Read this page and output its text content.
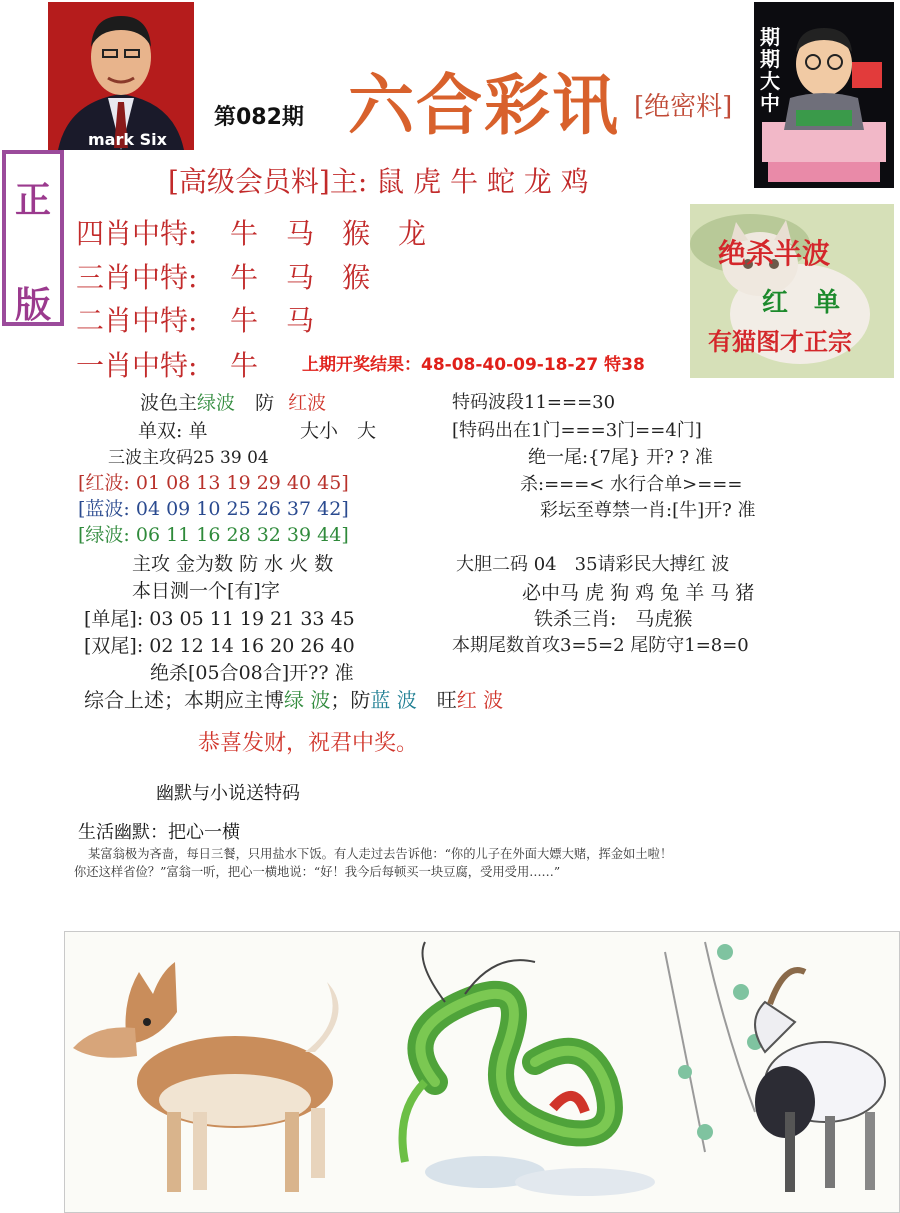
mark Six
期期大中
第082期 六合彩讯 [绝密料]
正
版
[高级会员料]主: 鼠 虎 牛 蛇 龙 鸡
四肖中特: 牛　马　猴　龙
三肖中特: 牛　马　猴
二肖中特: 牛　马
一肖中特: 牛	上期开奖结果：48-08-40-09-18-27 特38
绝杀半波
红　单
有猫图才正宗
波色主绿波 防 红波
单双: 单	大小　大
三波主攻码25 39 04
[红波: 01 08 13 19 29 40 45]
[蓝波: 04 09 10 25 26 37 42]
[绿波: 06 11 16 28 32 39 44]
主攻 金为数 防 水 火 数
本日测一个[有]字
[单尾]: 03 05 11 19 21 33 45
[双尾]: 02 12 14 16 20 26 40
绝杀[05合08合]开?? 准
特码波段11===30
[特码出在1门===3门==4门]
绝一尾:{7尾} 开? ? 准
杀:===< 水行合单>===
彩坛至尊禁一肖:[牛]开? 准
大胆二码 04　35请彩民大搏红 波
必中马 虎 狗 鸡 兔 羊 马 猪
铁杀三肖:　马虎猴
本期尾数首攻3=5=2 尾防守1=8=0
综合上述；本期应主博绿 波；防蓝 波　旺红 波
恭喜发财，祝君中奖。
幽默与小说送特码
生活幽默：把心一横
某富翁极为吝啬，每日三餐，只用盐水下饭。有人走过去告诉他：“你的儿子在外面大嫖大赌，挥金如土啦！
你还这样省俭？”富翁一听，把心一横地说：“好！我今后每顿买一块豆腐，受用受用……”
